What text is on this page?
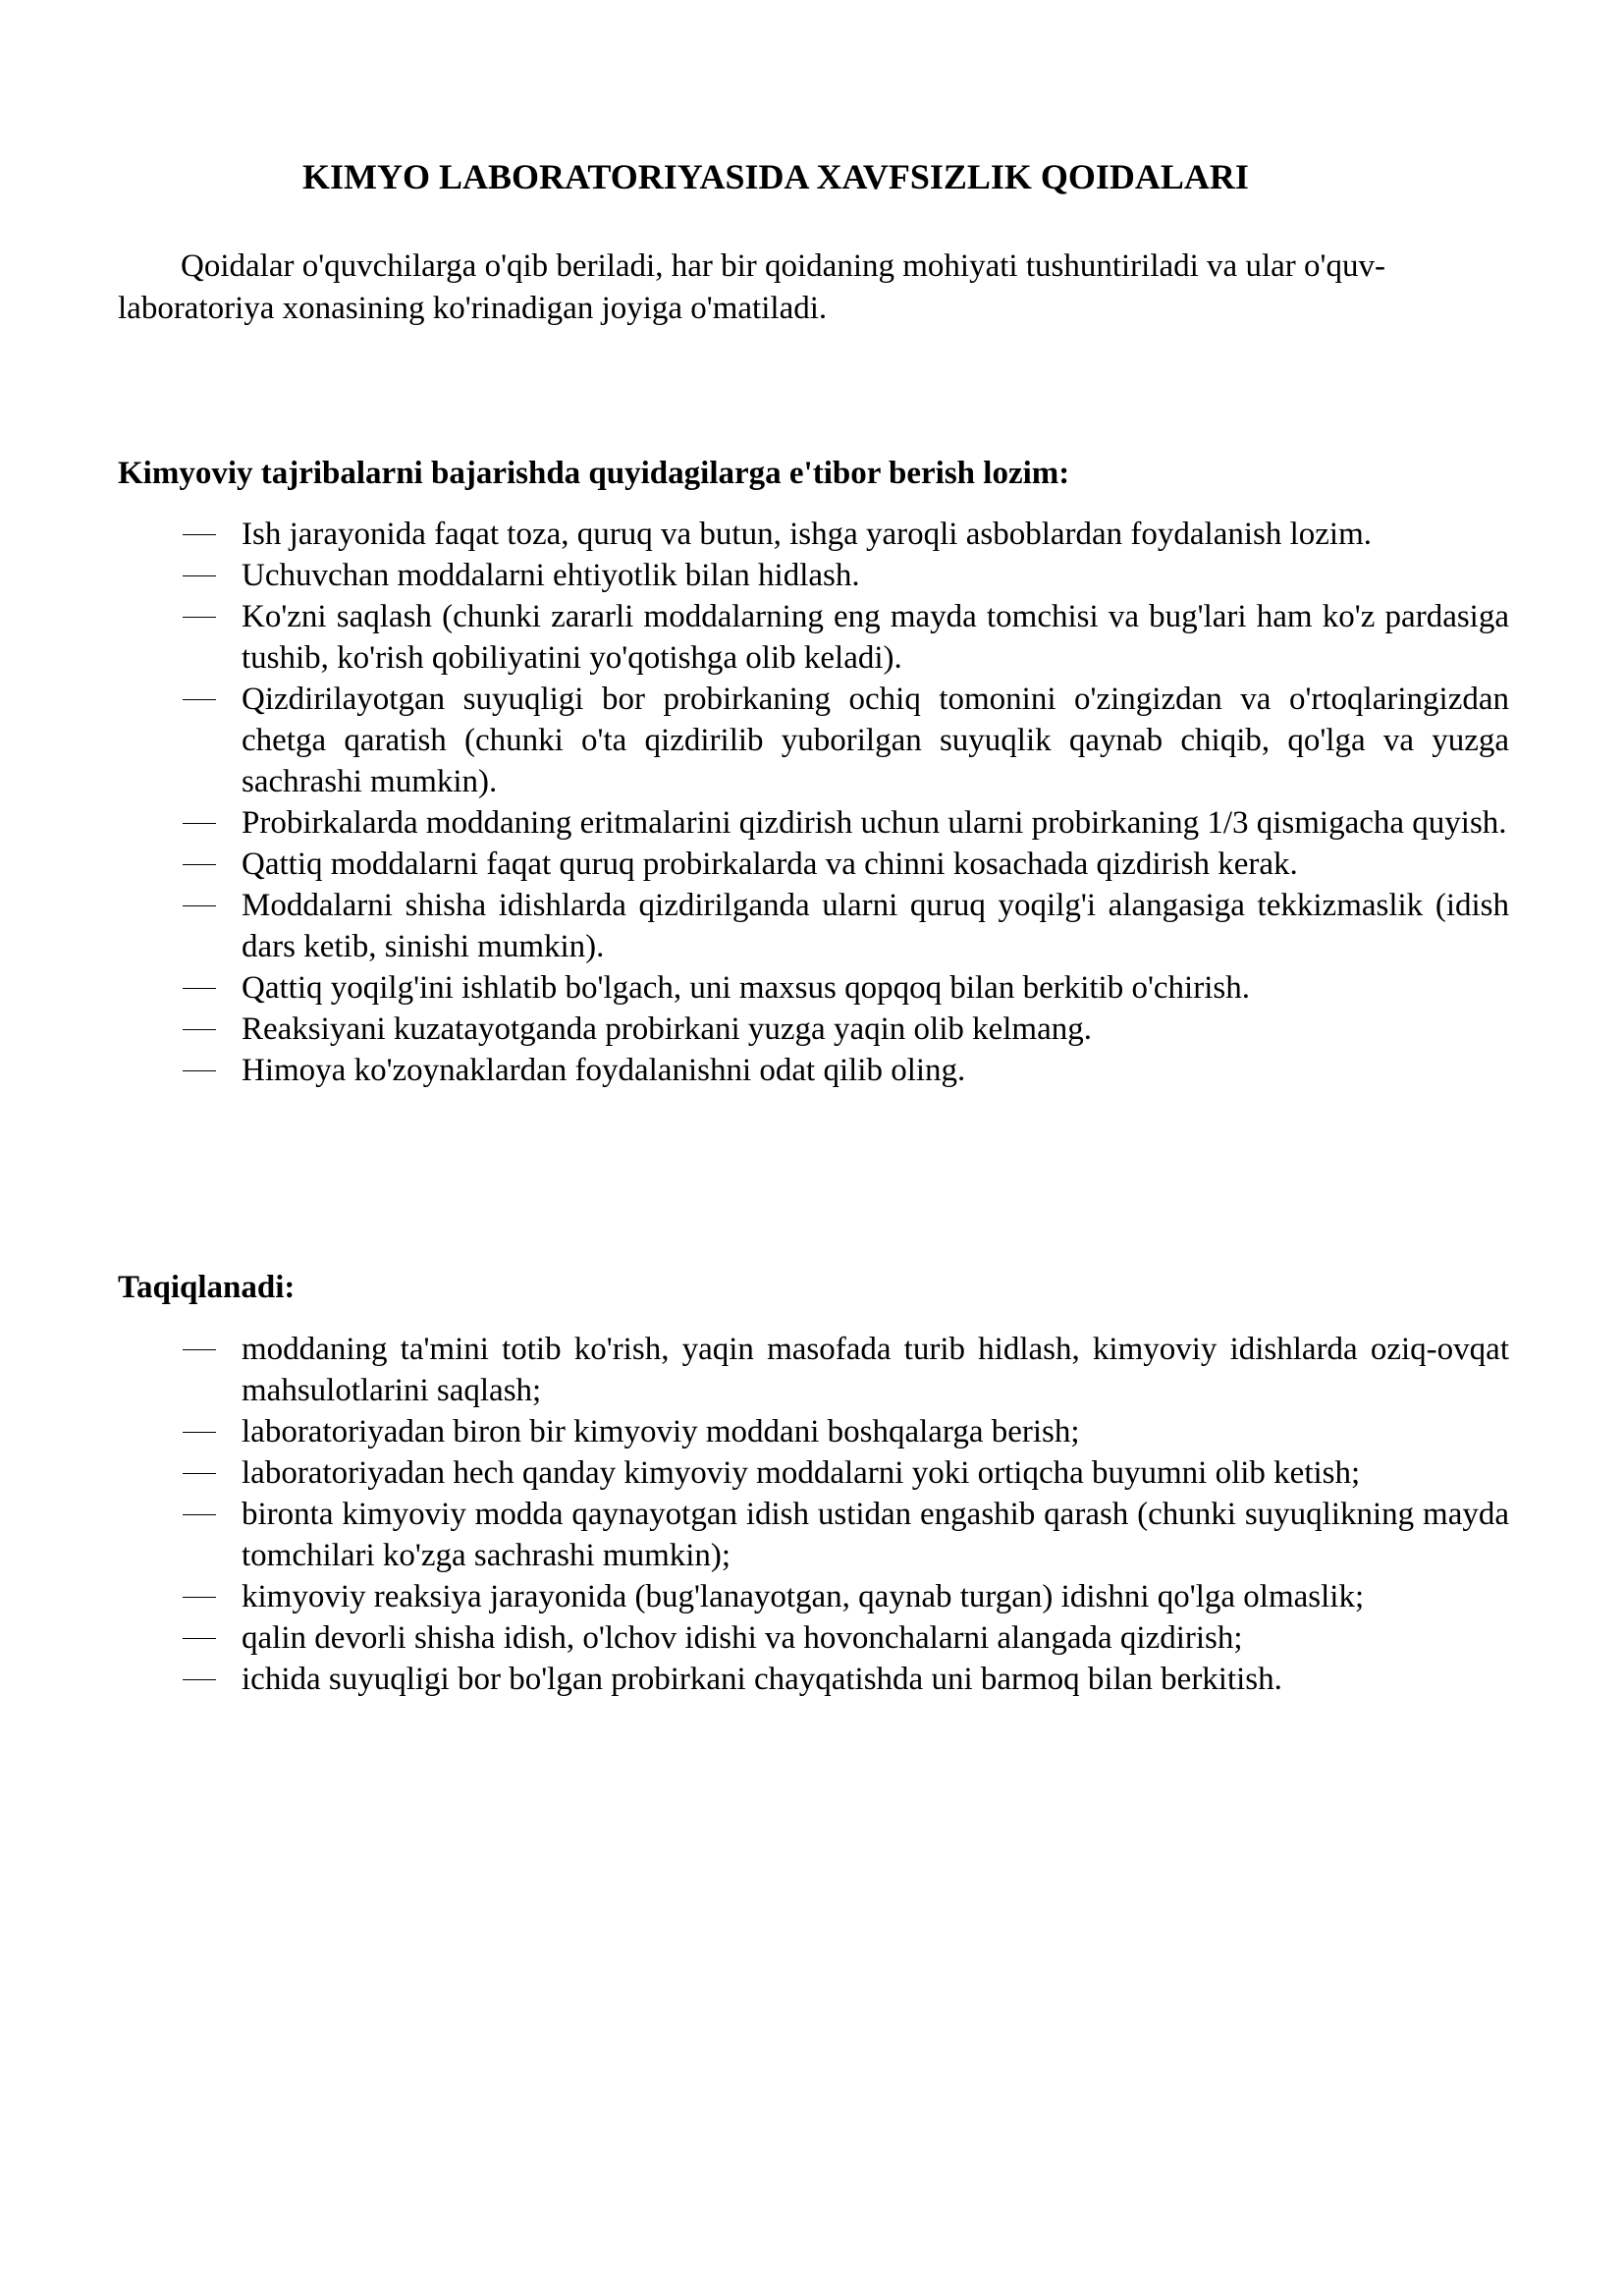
KIMYO LABORATORIYASIDA XAVFSIZLIK QOIDALARI

Qoidalar o'quvchilarga o'qib beriladi, har bir qoidaning mohiyati tushuntiriladi va ular o'quv-laboratoriya xonasining ko'rinadigan joyiga o'matiladi.

Kimyoviy tajribalarni bajarishda quyidagilarga e'tibor berish lozim:
Ish jarayonida faqat toza, quruq va butun, ishga yaroqli asboblardan foydalanish lozim.
Uchuvchan moddalarni ehtiyotlik bilan hidlash.
Ko'zni saqlash (chunki zararli moddalarning eng mayda tomchisi va bug'lari ham ko'z pardasiga tushib, ko'rish qobiliyatini yo'qotishga olib keladi).
Qizdirilayotgan suyuqligi bor probirkaning ochiq tomonini o'zingizdan va o'rtoqlaringizdan chetga qaratish (chunki o'ta qizdirilib yuborilgan suyuqlik qaynab chiqib, qo'lga va yuzga sachrashi mumkin).
Probirkalarda moddaning eritmalarini qizdirish uchun ularni probirkaning 1/3 qismigacha quyish.
Qattiq moddalarni faqat quruq probirkalarda va chinni kosachada qizdirish kerak.
Moddalarni shisha idishlarda qizdirilganda ularni quruq yoqilg'i alangasiga tekkizmaslik (idish dars ketib, sinishi mumkin).
Qattiq yoqilg'ini ishlatib bo'lgach, uni maxsus qopqoq bilan berkitib o'chirish.
Reaksiyani kuzatayotganda probirkani yuzga yaqin olib kelmang.
Himoya ko'zoynaklardan foydalanishni odat qilib oling.
Taqiqlanadi:
moddaning ta'mini totib ko'rish, yaqin masofada turib hidlash, kimyoviy idishlarda oziq-ovqat mahsulotlarini saqlash;
laboratoriyadan biron bir kimyoviy moddani boshqalarga berish;
laboratoriyadan hech qanday kimyoviy moddalarni yoki ortiqcha buyumni olib ketish;
bironta kimyoviy modda qaynayotgan idish ustidan engashib qarash (chunki suyuqlikning mayda tomchilari ko'zga sachrashi mumkin);
kimyoviy reaksiya jarayonida (bug'lanayotgan, qaynab turgan) idishni qo'lga olmaslik;
qalin devorli shisha idish, o'lchov idishi va hovonchalarni alangada qizdirish;
ichida suyuqligi bor bo'lgan probirkani chayqatishda uni barmoq bilan berkitish.
